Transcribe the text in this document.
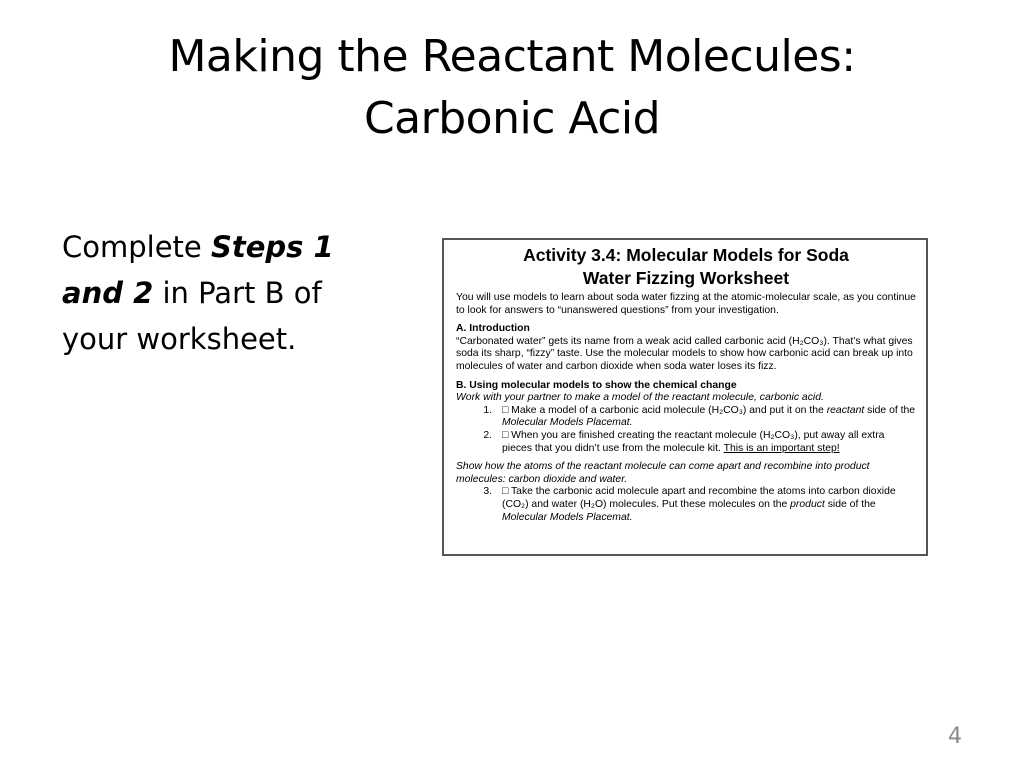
Making the Reactant Molecules:
Carbonic Acid

Complete Steps 1 and 2 in Part B of your worksheet.

Activity 3.4: Molecular Models for Soda
Water Fizzing Worksheet

You will use models to learn about soda water fizzing at the atomic-molecular scale, as you continue to look for answers to “unanswered questions” from your investigation.

A. Introduction
“Carbonated water” gets its name from a weak acid called carbonic acid (H₂CO₃). That’s what gives soda its sharp, “fizzy” taste. Use the molecular models to show how carbonic acid can break up into molecules of water and carbon dioxide when soda water loses its fizz.
B. Using molecular models to show the chemical change
Work with your partner to make a model of the reactant molecule, carbonic acid.
1. □ Make a model of a carbonic acid molecule (H₂CO₃) and put it on the reactant side of the Molecular Models Placemat.
2. □ When you are finished creating the reactant molecule (H₂CO₃), put away all extra pieces that you didn’t use from the molecule kit. This is an important step!
Show how the atoms of the reactant molecule can come apart and recombine into product molecules: carbon dioxide and water.
3. □ Take the carbonic acid molecule apart and recombine the atoms into carbon dioxide (CO₂) and water (H₂O) molecules. Put these molecules on the product side of the Molecular Models Placemat.
4
